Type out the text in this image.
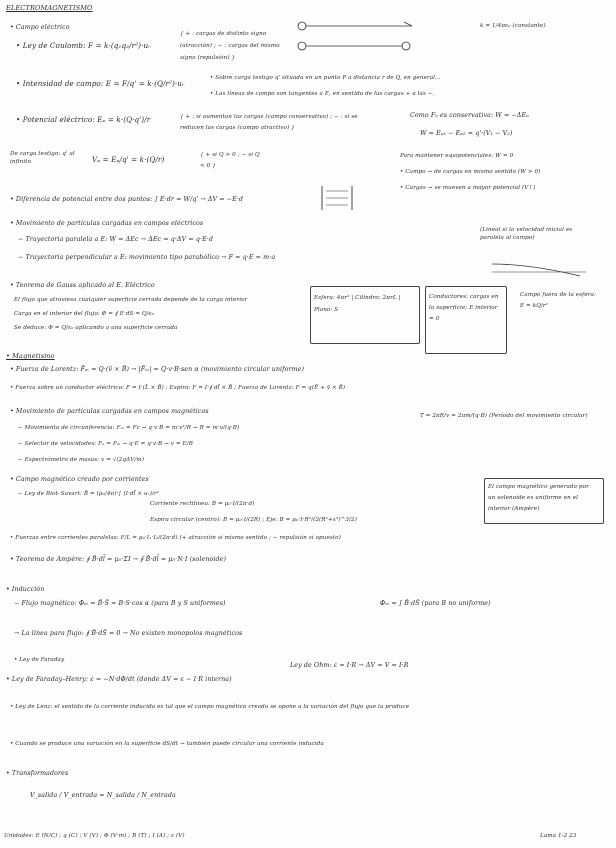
ELECTROMAGNETISMO
• Campo eléctrico
• Ley de Coulomb: F = k·(q₁q₂/r²)·uᵣ
{ + : cargas de distinto signo (atracción) ; − : cargas del mismo signo (repulsión) }
k = 1/4πε₀ (constante)
• Intensidad de campo: E = F/q' = k·(Q/r²)·uᵣ
• Sobre carga testigo q' situada en un punto P a distancia r de Q, en general...
• Las líneas de campo son tangentes a E, en sentido de las cargas + a las −.
• Potencial eléctrico: Eₚ = k·(Q·q')/r	{ + : si aumentan las cargas (campo conservativo) ; − : si se reducen las cargas (campo atractivo) }
Como Fₑ es conservativa: W = −ΔEₚ
W = Eₚ₁ − Eₚ₂ = q'·(V₁ − V₂)
De carga testigo: q' al infinito	Vₚ = Eₚ/q' = k·(Q/r)	{ + si Q > 0 ; − si Q < 0 }
Para mantener equipotenciales: W = 0
• Campo → de cargas en mismo sentido (W > 0)
• Cargas → se mueven a mayor potencial (V↑)
• Diferencia de potencial entre dos puntos: ∫ E·dr = W/q' → ΔV = −E·d
• Movimiento de partículas cargadas en campos eléctricos
− Trayectoria paralela a E: W = ΔEc → ΔEc = q·ΔV = q·E·d
(Lineal si la velocidad inicial es paralela al campo)
− Trayectoria perpendicular a E: movimiento tipo parabólico → F = q·E = m·a
• Teorema de Gauss aplicado al E. Eléctrico
El flujo que atraviesa cualquier superficie cerrada depende de la carga interior
Carga en el interior del flujo: Φ = ∮ E·dS = Q/ε₀
Se deduce: Φ = Q/ε₀ aplicando a una superficie cerrada
Esfera: 4πr² | Cilindro: 2πrL | Plano: S
Conductores: cargas en la superficie; E interior = 0
Campo fuera de la esfera: E = kQ/r²
• Magnetismo
• Fuerza de Lorentz: F̄ₘ = Q·(v̄ × B̄) → |F̄ₘ| = Q·v·B·sen α (movimiento circular uniforme)
• Fuerza sobre un conductor eléctrico: F = I·(L̄ × B̄) ; Espira: F = I·∮ dl̄ × B̄ ; Fuerza de Lorentz: F = q(Ē + v̄ × B̄)
• Movimiento de partículas cargadas en campos magnéticos
− Movimiento de circunferencia: Fₘ = Fc → q·v·B = m·v²/R → R = m·v/(q·B)
T = 2πR/v = 2πm/(q·B) (Período del movimiento circular)
− Selector de velocidades: Fₑ = Fₘ → q·E = q·v·B → v = E/B
− Espectrómetro de masas: v = √(2qΔV/m)
• Campo magnético creado por corrientes
− Ley de Biot–Savart: B̄ = (μ₀/4π)·∫ (I·dl̄ × uᵣ)/r²
Corriente rectilínea: B = μ₀·I/(2π·d)
Espira circular (centro): B = μ₀·I/(2R) ; Eje: B = μ₀·I·R²/(2(R²+x²)^3/2)
El campo magnético generado por un solenoide es uniforme en el interior (Ampère)
• Fuerzas entre corrientes paralelas: F/L = μ₀·I₁·I₂/(2π·d) (+ atracción si mismo sentido ; − repulsión si opuesto)
• Teorema de Ampère: ∮ B̄·dl̄ = μ₀·ΣI → ∮ B̄·dl̄ = μ₀·N·I (solenoide)
• Inducción
− Flujo magnético: Φₘ = B̄·S̄ = B·S·cos α (para B y S uniformes)	Φₘ = ∫ B̄·dS̄ (para B no uniforme)
→ La línea para flujo: ∮ B̄·dS̄ = 0 → No existen monopolos magnéticos
• Ley de Faraday
• Ley de Faraday–Henry: ε = −N·dΦ/dt (donde ΔV = ε − I·R interna)
Ley de Ohm: ε = I·R → ΔV = V = I·R
• Ley de Lenz: el sentido de la corriente inducida es tal que el campo magnético creado se opone a la variación del flujo que la produce
• Cuando se produce una variación en la superficie dS/dt → también puede circular una corriente inducida
• Transformadores
V_salida / V_entrada = N_salida / N_entrada
Unidades: E (N/C) ; q (C) ; V (V) ; Φ (V·m) ; B (T) ; I (A) ; ε (V)	Lama 1-2 23
